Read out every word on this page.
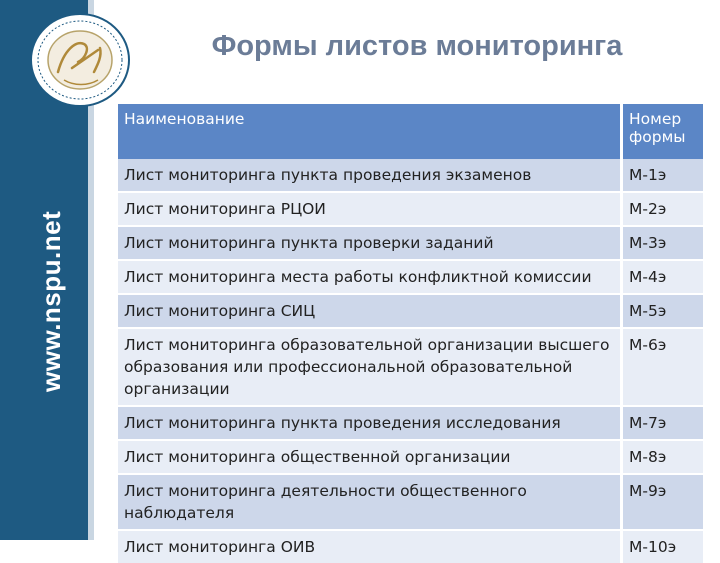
www.nspu.net
Формы листов мониторинга
Наименование	Номер формы
Лист мониторинга пункта проведения экзаменов	М-1э
Лист мониторинга РЦОИ	М-2э
Лист мониторинга пункта проверки заданий	М-3э
Лист мониторинга места работы конфликтной комиссии	М-4э
Лист мониторинга СИЦ	М-5э
Лист мониторинга образовательной организации высшего образования или профессиональной образовательной организации	М-6э
Лист мониторинга пункта проведения исследования	М-7э
Лист мониторинга общественной организации	М-8э
Лист мониторинга деятельности общественного наблюдателя	М-9э
Лист мониторинга ОИВ	М-10э
